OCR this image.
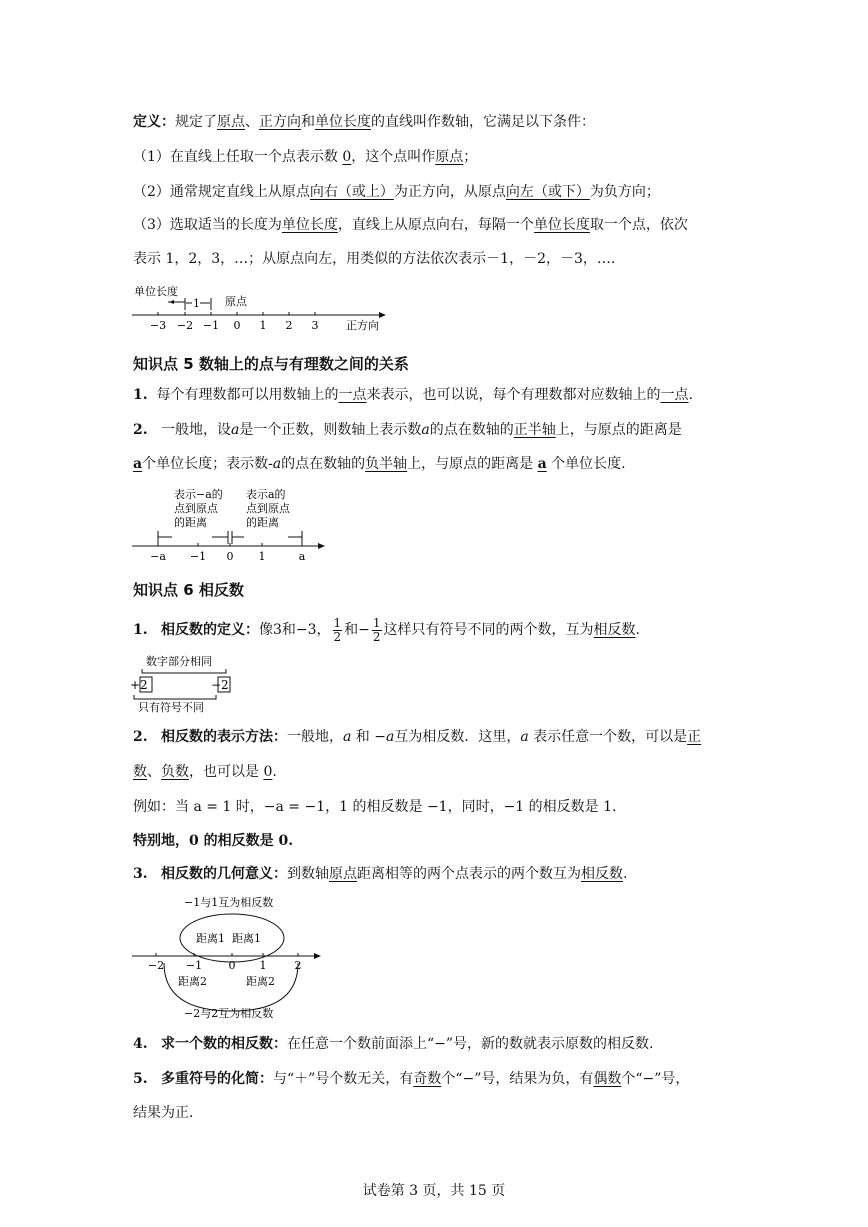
定义：规定了原点、正方向和单位长度的直线叫作数轴，它满足以下条件：
（1）在直线上任取一个点表示数 0，这个点叫作原点；
（2）通常规定直线上从原点向右（或上）为正方向，从原点向左（或下）为负方向；
（3）选取适当的长度为单位长度，直线上从原点向右，每隔一个单位长度取一个点，依次
表示 1，2，3，…；从原点向左，用类似的方法依次表示－1，－2，－3，….
单位长度
1 原点
−3 −2 −1 0 1 2 3	正方向
知识点 5 数轴上的点与有理数之间的关系
1. 每个有理数都可以用数轴上的一点来表示，也可以说，每个有理数都对应数轴上的一点.
2. 一般地，设a是一个正数，则数轴上表示数a的点在数轴的正半轴上，与原点的距离是
a个单位长度；表示数-a的点在数轴的负半轴上，与原点的距离是 a 个单位长度.
表示−a的
点到原点
的距离
表示a的
点到原点
的距离
−a −1 0 1	a
知识点 6 相反数
1. 相反数的定义：像3和−3， $\frac{1}{2}$ 和− $\frac{1}{2}$ 这样只有符号不同的两个数，互为相反数.
数字部分相同
+2	−2
只有符号不同
2. 相反数的表示方法：一般地，a 和 −a互为相反数．这里，a 表示任意一个数，可以是正
数、负数，也可以是 0.
例如：当 a = 1 时，−a = −1，1 的相反数是 −1，同时，−1 的相反数是 1.
特别地，0 的相反数是 0.
3. 相反数的几何意义：到数轴原点距离相等的两个点表示的两个数互为相反数.
−1与1互为相反数
距离1 距离1
−2 −1 0 1	2
距离2	距离2
−2与2互为相反数
4. 求一个数的相反数：在任意一个数前面添上“−”号，新的数就表示原数的相反数.
5. 多重符号的化简：与“＋”号个数无关，有奇数个“−”号，结果为负，有偶数个“−”号，
结果为正.
试卷第 3 页，共 15 页
